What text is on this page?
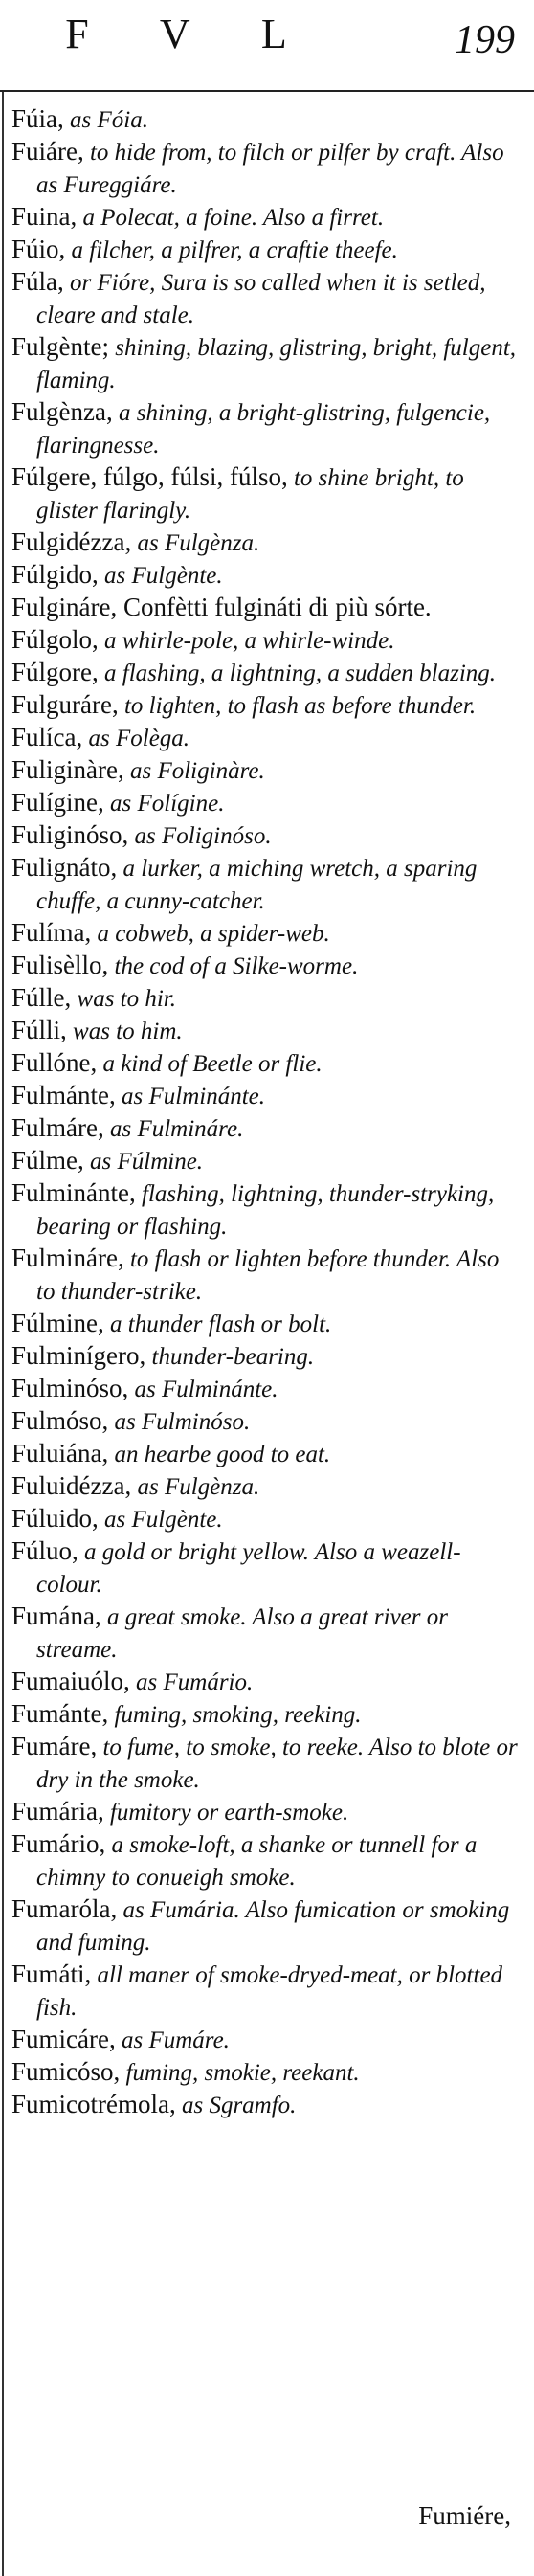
F V L	199

Fúia, as Fóia.

Fuiáre, to hide from, to filch or pilfer by craft. Also as Fureggiáre.

Fuina, a Polecat, a foine. Also a firret.

Fúio, a filcher, a pilfrer, a craftie theefe.

Fúla, or Fióre, Sura is so called when it is setled, cleare and stale.

Fulgènte; shining, blazing, glistring, bright, fulgent, flaming.

Fulgènza, a shining, a bright-glistring, fulgencie, flaringnesse.

Fúlgere, fúlgo, fúlsi, fúlso, to shine bright, to glister flaringly.

Fulgidézza, as Fulgènza.

Fúlgido, as Fulgènte.

Fulgináre, Confètti fulgináti di più sórte.

Fúlgolo, a whirle-pole, a whirle-winde.

Fúlgore, a flashing, a lightning, a sudden blazing.

Fulguráre, to lighten, to flash as before thunder.

Fulíca, as Folèga.

Fuliginàre, as Foliginàre.

Fulígine, as Folígine.

Fuliginóso, as Foliginóso.

Fulignáto, a lurker, a miching wretch, a sparing chuffe, a cunny-catcher.

Fulíma, a cobweb, a spider-web.

Fulisèllo, the cod of a Silke-worme.

Fúlle, was to hir.

Fúlli, was to him.

Fullóne, a kind of Beetle or flie.

Fulmánte, as Fulminánte.

Fulmáre, as Fulmináre.

Fúlme, as Fúlmine.

Fulminánte, flashing, lightning, thunder-stryking, bearing or flashing.

Fulmináre, to flash or lighten before thunder. Also to thunder-strike.

Fúlmine, a thunder flash or bolt.

Fulminígero, thunder-bearing.

Fulminóso, as Fulminánte.

Fulmóso, as Fulminóso.

Fuluiána, an hearbe good to eat.

Fuluidézza, as Fulgènza.

Fúluido, as Fulgènte.

Fúluo, a gold or bright yellow. Also a weazell-colour.

Fumána, a great smoke. Also a great river or streame.

Fumaiuólo, as Fumário.

Fumánte, fuming, smoking, reeking.

Fumáre, to fume, to smoke, to reeke. Also to blote or dry in the smoke.

Fumária, fumitory or earth-smoke.

Fumário, a smoke-loft, a shanke or tunnell for a chimny to conueigh smoke.

Fumaróla, as Fumária. Also fumication or smoking and fuming.

Fumáti, all maner of smoke-dryed-meat, or blotted fish.

Fumicáre, as Fumáre.

Fumicóso, fuming, smokie, reekant.

Fumicotrémola, as Sgramfo.

Fumiére,
